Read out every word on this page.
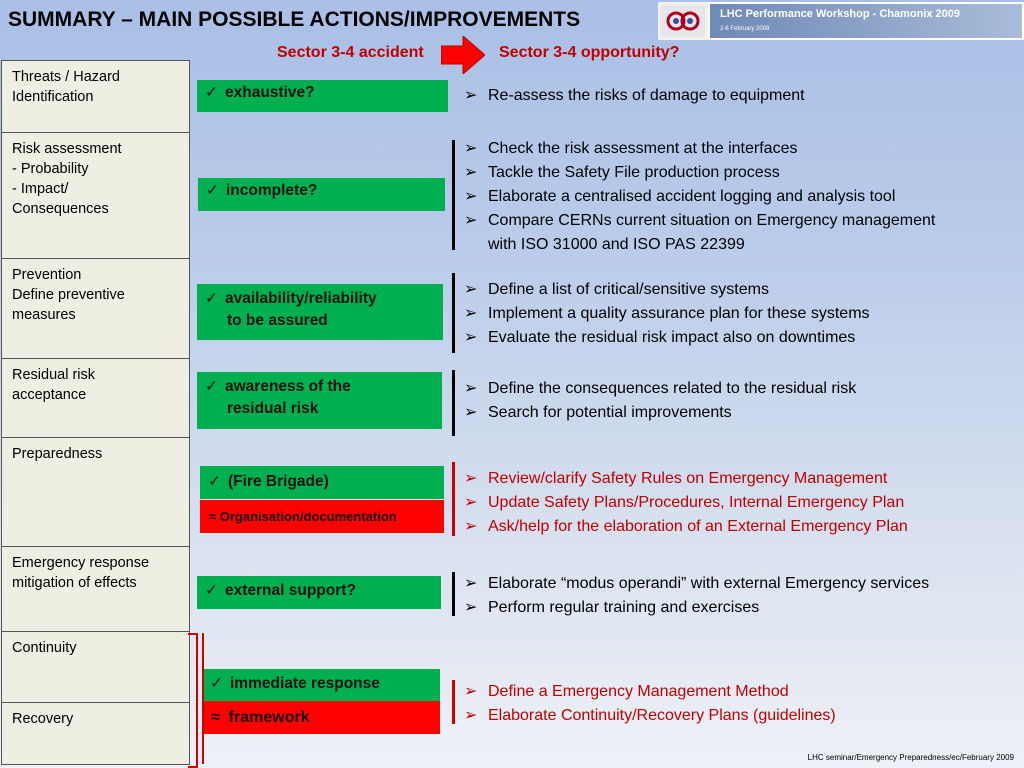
SUMMARY – MAIN POSSIBLE ACTIONS/IMPROVEMENTS	LHC Performance Workshop - Chamonix 2009
2-6 February 2009
Sector 3-4 accident	Sector 3-4 opportunity?
Threats / Hazard
Identification
Risk assessment
- Probability
- Impact/
Consequences
Prevention
Define preventive
measures
Residual risk
acceptance
Preparedness
Emergency response
mitigation of effects
Continuity
Recovery
✓ exhaustive?
✓ incomplete?
✓ availability/reliability
to be assured
✓ awareness of the
residual risk
✓ (Fire Brigade)
≈ Organisation/documentation
✓ external support?
✓ immediate response
≈ framework
➢ Re-assess the risks of damage to equipment
➢ Check the risk assessment at the interfaces
➢ Tackle the Safety File production process
➢ Elaborate a centralised accident logging and analysis tool
➢ Compare CERNs current situation on Emergency management
with ISO 31000 and ISO PAS 22399
➢ Define a list of critical/sensitive systems
➢ Implement a quality assurance plan for these systems
➢ Evaluate the residual risk impact also on downtimes
➢ Define the consequences related to the residual risk
➢ Search for potential improvements
➢ Review/clarify Safety Rules on Emergency Management
➢ Update Safety Plans/Procedures, Internal Emergency Plan
➢ Ask/help for the elaboration of an External Emergency Plan
➢ Elaborate “modus operandi” with external Emergency services
➢ Perform regular training and exercises
➢ Define a Emergency Management Method
➢ Elaborate Continuity/Recovery Plans (guidelines)
LHC seminar/Emergency Preparedness/ec/February 2009
